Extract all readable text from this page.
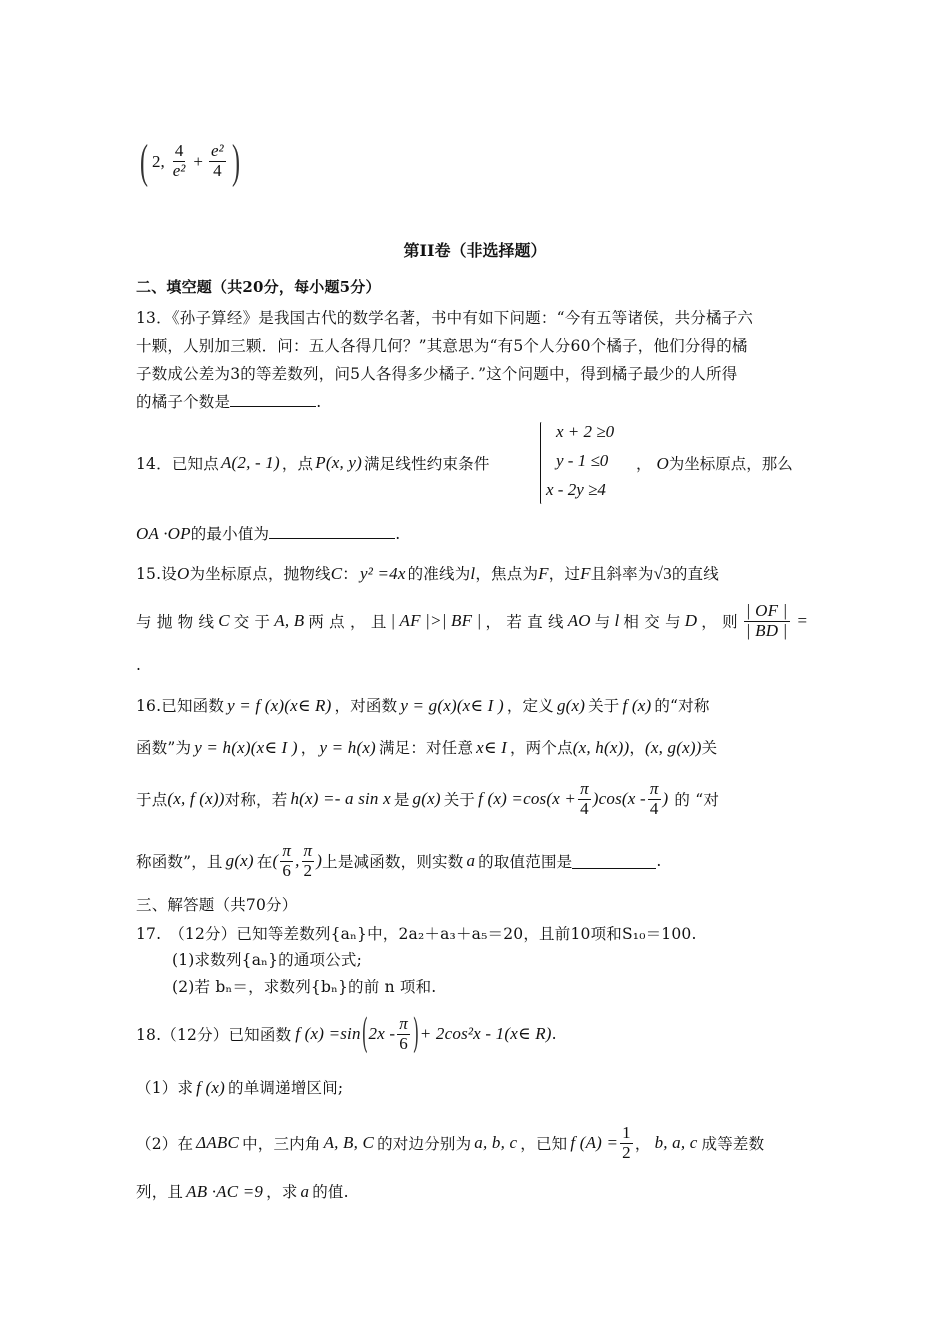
( 2, $\frac{4}{\text{e²}} + \frac{\text{e²}}{4}$ )
第II卷（非选择题）
二、填空题（共20分，每小题5分）
13．《孙子算经》是我国古代的数学名著，书中有如下问题：“今有五等诸侯，共分橘子六
十颗，人别加三颗．问：五人各得几何？”其意思为“有5个人分60个橘子，他们分得的橘
子数成公差为3的等差数列，问5人各得多少橘子．”这个问题中，得到橘子最少的人所得
的橘子个数是	.
14．已知点 A(2, - 1) ，点 P(x, y) 满足线性约束条件
x + 2 ≥0
y - 1 ≤0
x - 2y ≥4
， O为坐标原点，那么
OA ·OP的最小值为	.
15.设O为坐标原点，抛物线C： y² =4x 的准线为l，焦点为F，过F且斜率为√3的直线
与 抛 物 线 C 交 于 A, B 两 点 ， 且 | AF |>| BF | ， 若 直 线 AO 与 l 相 交 与 D ， 则 $\frac{| OF |}{| BD |}$ =
.
16.已知函数 y = f (x)(x∈ R) ，对函数 y = g(x)(x∈ I ) ，定义 g(x) 关于 f (x) 的“对称
函数”为 y = h(x)(x∈ I ) ， y = h(x) 满足：对任意 x∈ I ，两个点(x, h(x))，(x, g(x))关
于点 (x, f (x)) 对称，若 h(x) =- a sin x 是 g(x) 关于 f $(x) =\cos(x + \frac{\pi}{4} )\cos(x - \frac{\pi}{4}$ ) 的 “对
称函数”，且 g(x) 在 ( $\frac{\pi}{6}$ , $\frac{\pi}{2}$ ) 上是减函数，则实数 a 的取值范围是	.
三、解答题（共70分）
17.　（12分）已知等差数列{aₙ}中，2a₂＋a₃＋a₅＝20，且前10项和S₁₀＝100.
(1)求数列{aₙ}的通项公式;
(2)若 bₙ＝，求数列{bₙ}的前 n 项和.
18.（12分）已知函数 f (x) =sin ( $2x - \frac{\pi}{6}$ ) + 2cos²x - 1(x∈ R) .
（1）求 f (x) 的单调递增区间;
（2）在 ΔABC 中，三内角 A, B, C 的对边分别为 a, b, c ，已知 f $(A) = \frac{1}{2}$ ， b, a, c 成等差数
列，且 AB ·AC =9 ，求 a 的值.
